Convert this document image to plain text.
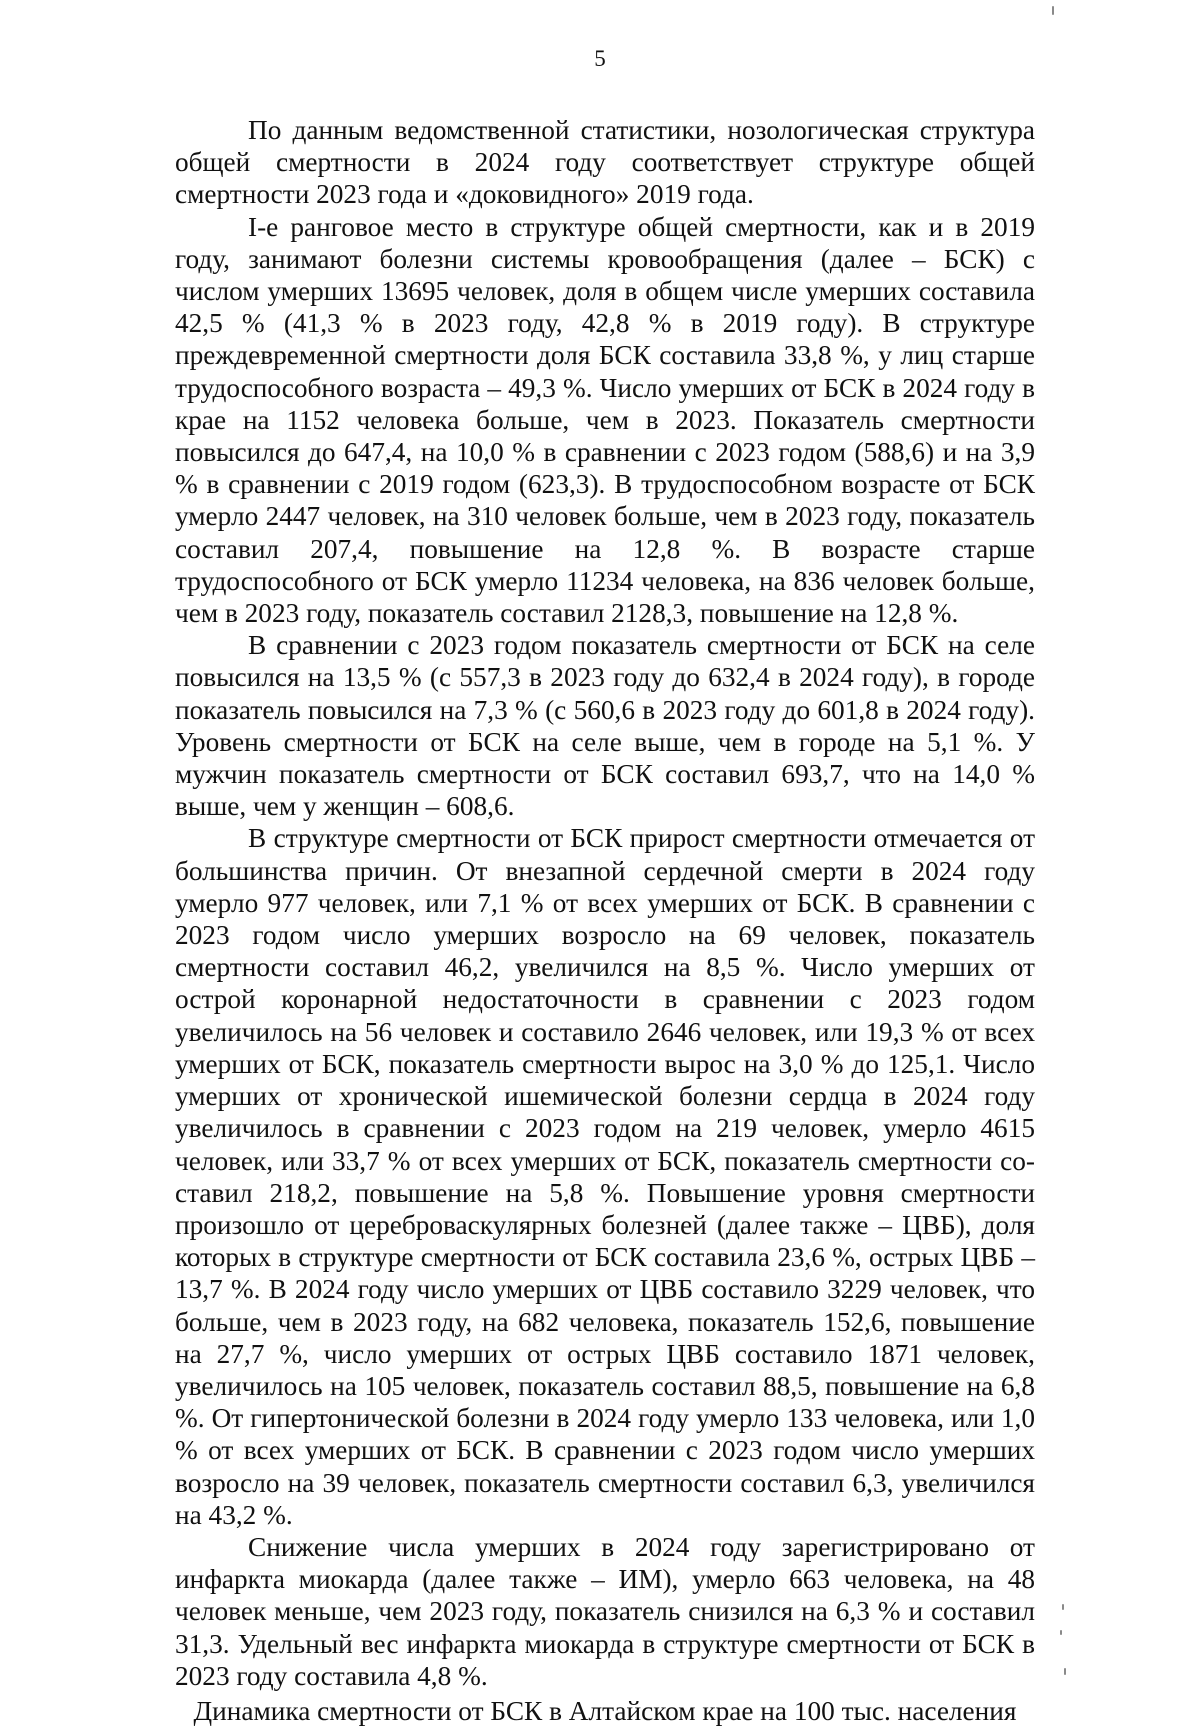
5

По данным ведомственной статистики, нозологическая структура общей смертности в 2024 году соответствует структуре общей смертности 2023 года и «доковидного» 2019 года.

I-е ранговое место в структуре общей смертности, как и в 2019 году, занимают болезни системы кровообращения (далее – БСК) с числом умерших 13695 человек, доля в общем числе умерших составила 42,5 % (41,3 % в 2023 году, 42,8 % в 2019 году). В структуре преждевременной смертности доля БСК составила 33,8 %, у лиц старше трудоспособного возраста – 49,3 %. Число умерших от БСК в 2024 году в крае на 1152 человека больше, чем в 2023. Показатель смертности повысился до 647,4, на 10,0 % в сравнении с 2023 годом (588,6) и на 3,9 % в сравнении с 2019 годом (623,3). В трудоспособном возрасте от БСК умерло 2447 человек, на 310 человек больше, чем в 2023 году, показатель составил 207,4, повышение на 12,8 %. В возрасте старше трудоспособного от БСК умерло 11234 человека, на 836 человек больше, чем в 2023 году, показатель составил 2128,3, повышение на 12,8 %.

В сравнении с 2023 годом показатель смертности от БСК на селе повысился на 13,5 % (с 557,3 в 2023 году до 632,4 в 2024 году), в городе показатель повысился на 7,3 % (с 560,6 в 2023 году до 601,8 в 2024 году). Уровень смертности от БСК на селе выше, чем в городе на 5,1 %. У мужчин показатель смертности от БСК составил 693,7, что на 14,0 % выше, чем у женщин – 608,6.

В структуре смертности от БСК прирост смертности отмечается от большинства причин. От внезапной сердечной смерти в 2024 году умерло 977 человек, или 7,1 % от всех умерших от БСК. В сравнении с 2023 годом число умерших возросло на 69 человек, показатель смертности составил 46,2, увеличился на 8,5 %. Число умерших от острой коронарной недостаточности в сравнении с 2023 годом увеличилось на 56 человек и составило 2646 человек, или 19,3 % от всех умерших от БСК, показатель смертности вырос на 3,0 % до 125,1. Число умерших от хронической ишемической болезни сердца в 2024 году увеличилось в сравнении с 2023 годом на 219 человек, умерло 4615 человек, или 33,7 % от всех умерших от БСК, показатель смертности составил 218,2, повышение на 5,8 %. Повышение уровня смертности произошло от цереброваскулярных болезней (далее также – ЦВБ), доля которых в структуре смертности от БСК составила 23,6 %, острых ЦВБ – 13,7 %. В 2024 году число умерших от ЦВБ составило 3229 человек, что больше, чем в 2023 году, на 682 человека, показатель 152,6, повышение на 27,7 %, число умерших от острых ЦВБ составило 1871 человек, увеличилось на 105 человек, показатель составил 88,5, повышение на 6,8 %. От гипертонической болезни в 2024 году умерло 133 человека, или 1,0 % от всех умерших от БСК. В сравнении с 2023 годом число умерших возросло на 39 человек, показатель смертности составил 6,3, увеличился на 43,2 %.

Снижение числа умерших в 2024 году зарегистрировано от инфаркта миокарда (далее также – ИМ), умерло 663 человека, на 48 человек меньше, чем 2023 году, показатель снизился на 6,3 % и составил 31,3. Удельный вес инфаркта миокарда в структуре смертности от БСК в 2023 году составила 4,8 %.

Динамика смертности от БСК в Алтайском крае на 100 тыс. населения
